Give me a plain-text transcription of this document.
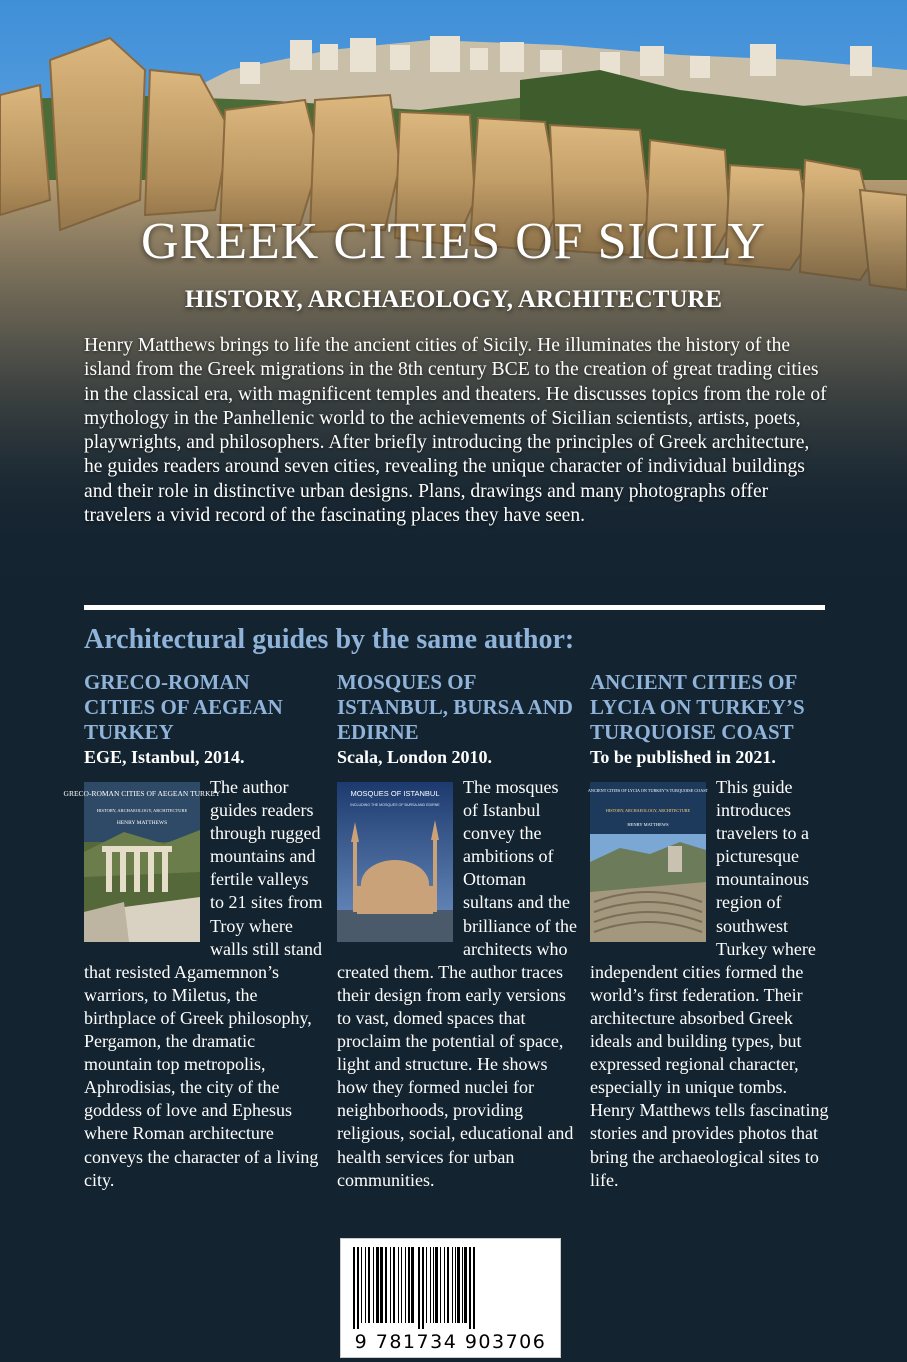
GREEK CITIES OF SICILY
HISTORY, ARCHAEOLOGY, ARCHITECTURE

Henry Matthews brings to life the ancient cities of Sicily. He illuminates the history of the island from the Greek migrations in the 8th century BCE to the creation of great trading cities in the classical era, with magnificent temples and theaters. He discusses topics from the role of mythology in the Panhellenic world to the achievements of Sicilian scientists, artists, poets, playwrights, and philosophers. After briefly introducing the principles of Greek architecture, he guides readers around seven cities, revealing the unique character of individual buildings and their role in distinctive urban designs. Plans, drawings and many photographs offer travelers a vivid record of the fascinating places they have seen.

Architectural guides by the same author:
GRECO-ROMAN CITIES OF AEGEAN TURKEY
EGE, Istanbul, 2014.
GRECO-ROMAN CITIES OF AEGEAN TURKEY
HISTORY, ARCHAEOLOGY, ARCHITECTURE
HENRY MATTHEWS

The author guides readers through rugged mountains and fertile valleys to 21 sites from Troy where walls still stand that resisted Agamemnon’s warriors, to Miletus, the birthplace of Greek philosophy, Pergamon, the dramatic mountain top metropolis, Aphrodisias, the city of the goddess of love and Ephesus where Roman architecture conveys the character of a living city.

MOSQUES OF ISTANBUL, BURSA AND EDIRNE
Scala, London 2010.
MOSQUES OF ISTANBUL
INCLUDING THE MOSQUES OF BURSA AND EDIRNE

The mosques of Istanbul convey the ambitions of Ottoman sultans and the brilliance of the architects who created them. The author traces their design from early versions to vast, domed spaces that proclaim the potential of space, light and structure. He shows how they formed nuclei for neighborhoods, providing religious, social, educational and health services for urban communities.

ANCIENT CITIES OF LYCIA ON TURKEY’S TURQUOISE COAST
To be published in 2021.
ANCIENT CITIES OF LYCIA ON TURKEY’S TURQUOISE COAST
HISTORY, ARCHAEOLOGY, ARCHITECTURE
HENRY MATTHEWS

This guide introduces travelers to a picturesque mountainous region of southwest Turkey where independent cities formed the world’s first federation. Their architecture absorbed Greek ideals and building types, but expressed regional character, especially in unique tombs. Henry Matthews tells fascinating stories and provides photos that bring the archaeological sites to life.

9 781734 903706
